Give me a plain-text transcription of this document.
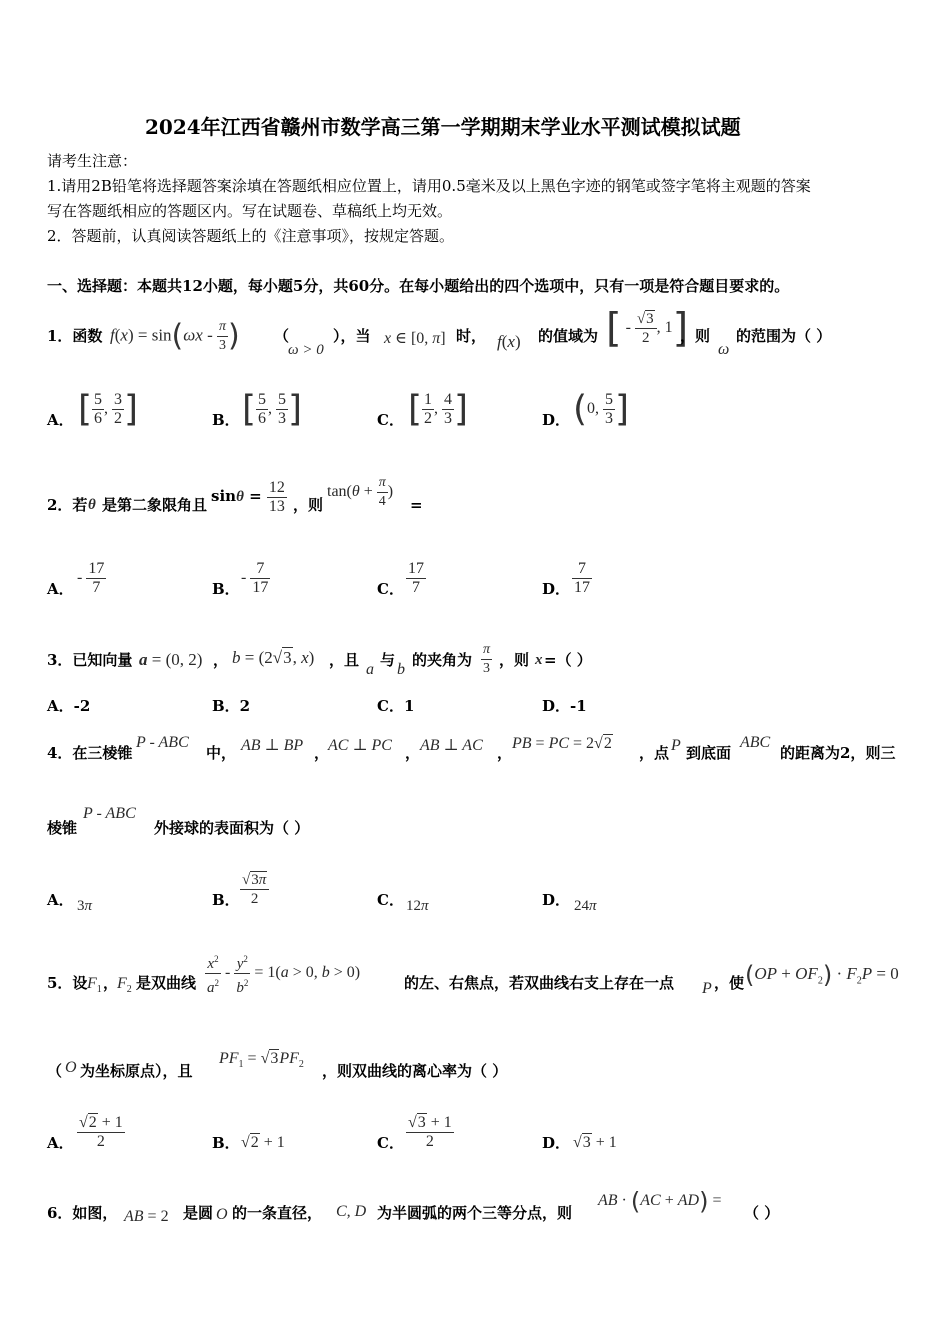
2024年江西省赣州市数学高三第一学期期末学业水平测试模拟试题
请考生注意：
1.请用2B铅笔将选择题答案涂填在答题纸相应位置上，请用0.5毫米及以上黑色字迹的钢笔或签字笔将主观题的答案
写在答题纸相应的答题区内。写在试题卷、草稿纸上均无效。
2．答题前，认真阅读答题纸上的《注意事项》，按规定答题。
一、选择题：本题共12小题，每小题5分，共60分。在每小题给出的四个选项中，只有一项是符合题目要求的。
1．函数 $f(x) = \sin(\omega x - \frac{\pi}{3}$ ) （
ω > 0
），当 x ∈ [0, π] 时， f(x) 的值域为 [ - $\frac{√3}{2}$ , 1]
，则
ω
的范围为（ ）
A． [ $\frac{5}{6}$ , $\frac{3}{2}$ ]	B． [ $\frac{5}{6}$ , $\frac{5}{3}$ ]	C． [ $\frac{1}{2}$ , $\frac{4}{3}$ ]	D． (0, $\frac{5}{3}$ ]
2．若 θ 是第二象限角且 $\sin\theta = \frac{12}{13}$ ，则
$\tan(\theta + \frac{\pi}{4}$ )
=
A．
- $\frac{17}{7}$	B．
- $\frac{7}{17}$	C． $\frac{17}{7}$	D． $\frac{7}{17}$
3．已知向量 a = (0, 2) ， b = (2√3, x) ，且
a
与
b
的夹角为 $\frac{\pi}{3}$ ，则 x =（ ）
A．-2	B．2	C．1	D．-1
4．在三棱锥
P - ABC
中， AB ⊥ BP ，
AC ⊥ PC ， AB ⊥ AC ，
PB = PC = 2√2
，点 P 到底面
ABC
的距离为2，则三
棱锥
P - ABC
外接球的表面积为（ ）
A． 3π	B． $\frac{√3\pi}{2}$	C． 12π	D． 24π
5．设 $F_1$ ，
$F_2$ 是双曲线 $\frac{x^2}{a^2} - \frac{y^2}{b^2} = 1(a > 0$, b > 0)
的左、右焦点，若双曲线右支上存在一点 P ，使 $(OP + OF_2) \cdot F_2P = 0$
（ O 为坐标原点），且
$PF_1 = √3PF_2$ ，则双曲线的离心率为（ ）
A． $\frac{√2 + 1}{2}$	B． √2 + 1	C． $\frac{√3 + 1}{2}$	D． √3 + 1
6．如图， AB = 2 是圆 O 的一条直径， C, D 为半圆弧的两个三等分点，则
AB · (AC + AD) =
（ ）
